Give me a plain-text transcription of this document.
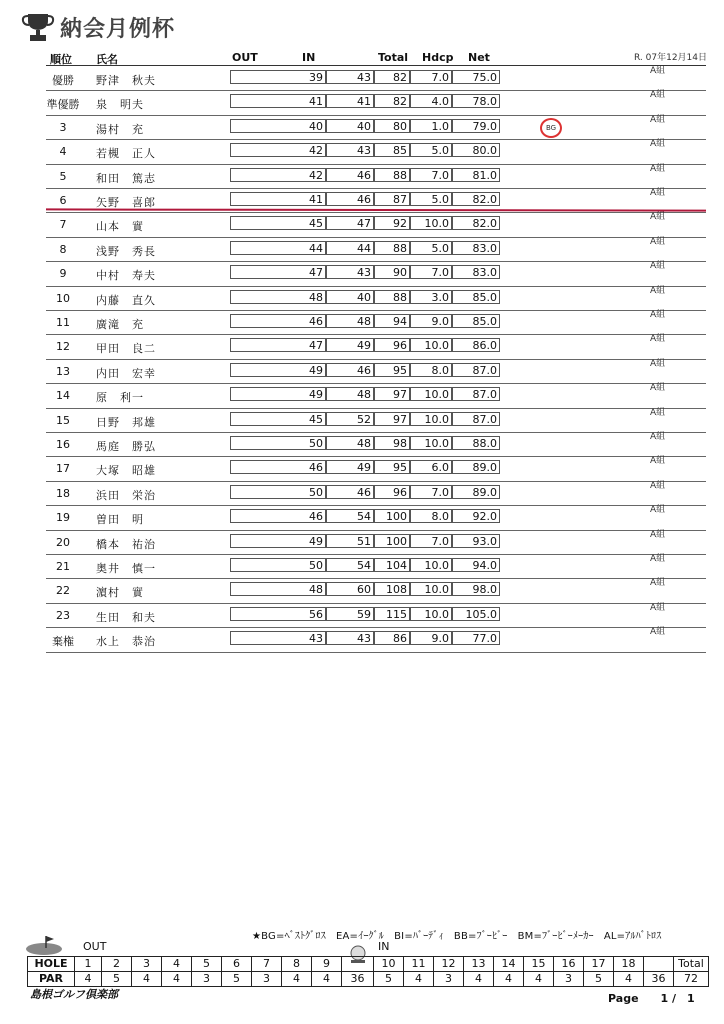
納会月例杯
順位 氏名	OUT	IN	Total Hdcp Net	R. 07年12月14日
優勝	野津　秋夫	39	43	82	7.0	75.0	A組
準優勝 泉　明夫	41	41	82	4.0	78.0	A組
3	湯村　充	40	40	80	1.0	79.0	A組
BG
4	若槻　正人	42	43	85	5.0	80.0	A組
5	和田　篤志	42	46	88	7.0	81.0	A組
6	矢野　喜郎	41	46	87	5.0	82.0	A組
7	山本　實	45	47	92	10.0	82.0	A組
8	浅野　秀長	44	44	88	5.0	83.0	A組
9	中村　寿夫	47	43	90	7.0	83.0	A組
10	内藤　直久	48	40	88	3.0	85.0	A組
11	廣滝　充	46	48	94	9.0	85.0	A組
12	甲田　良二	47	49	96	10.0	86.0	A組
13	内田　宏幸	49	46	95	8.0	87.0	A組
14	原　利一	49	48	97	10.0	87.0	A組
15	日野　邦雄	45	52	97	10.0	87.0	A組
16	馬庭　勝弘	50	48	98	10.0	88.0	A組
17	大塚　昭雄	46	49	95	6.0	89.0	A組
18	浜田　栄治	50	46	96	7.0	89.0	A組
19	曽田　明	46	54	100	8.0	92.0	A組
20	橋本　祐治	49	51	100	7.0	93.0	A組
21	奥井　慎一	50	54	104	10.0	94.0	A組
22	濵村　實	48	60	108	10.0	98.0	A組
23	生田　和夫	56	59	115	10.0	105.0	A組
棄権	水上　恭治	43	43	86	9.0	77.0	A組
★BG=ﾍﾞｽﾄｸﾞﾛｽ　EA=ｲｰｸﾞﾙ　BI=ﾊﾞｰﾃﾞｨ　BB=ﾌﾞｰﾋﾞｰ　BM=ﾌﾞｰﾋﾞｰﾒｰｶｰ　AL=ｱﾙﾊﾞﾄﾛｽ
OUT	IN
HOLE	1	2	3	4	5	6	7	8	9		10	11	12	13	14	15	16	17	18		Total
PAR	4	5	4	4	3	5	3	4	4	36	5	4	3	4	4	4	3	5	4	36	72
島根ゴルフ倶楽部	Page　　1 /　1
